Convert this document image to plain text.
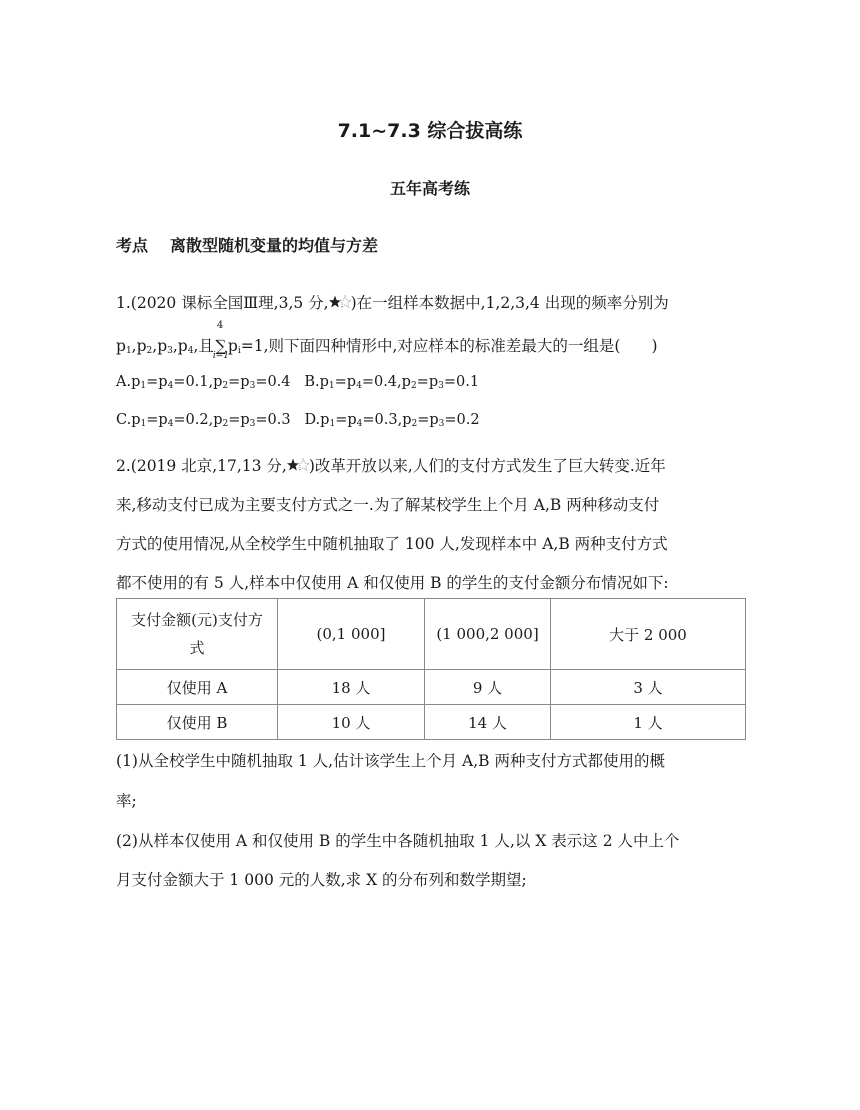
7.1~7.3 综合拔高练
五年高考练
考点 离散型随机变量的均值与方差
1.(2020 课标全国Ⅲ理,3,5 分, )在一组样本数据中,1,2,3,4 出现的频率分别为
$p_1,p_2,p_3,p_4$,且
4
∑
i=1
$p_i=1$,则下面四种情形中,对应样本的标准差最大的一组是(　　)
$A.p_1=p_4=0.1,p_2=p_3=0.4$ $B.p_1=p_4=0.4,p_2=p_3=0.1$
$C.p_1=p_4=0.2,p_2=p_3=0.3$ $D.p_1=p_4=0.3,p_2=p_3=0.2$
2.(2019 北京,17,13 分, )改革开放以来,人们的支付方式发生了巨大转变.近年
来,移动支付已成为主要支付方式之一.为了解某校学生上个月 A,B 两种移动支付
方式的使用情况,从全校学生中随机抽取了 100 人,发现样本中 A,B 两种支付方式
都不使用的有 5 人,样本中仅使用 A 和仅使用 B 的学生的支付金额分布情况如下:
支付金额(元)支付方
式	(0,1 000]	(1 000,2 000]	大于 2 000
仅使用 A	18 人	9 人	3 人
仅使用 B	10 人	14 人	1 人
(1)从全校学生中随机抽取 1 人,估计该学生上个月 A,B 两种支付方式都使用的概
率;
(2)从样本仅使用 A 和仅使用 B 的学生中各随机抽取 1 人,以 X 表示这 2 人中上个
月支付金额大于 1 000 元的人数,求 X 的分布列和数学期望;
